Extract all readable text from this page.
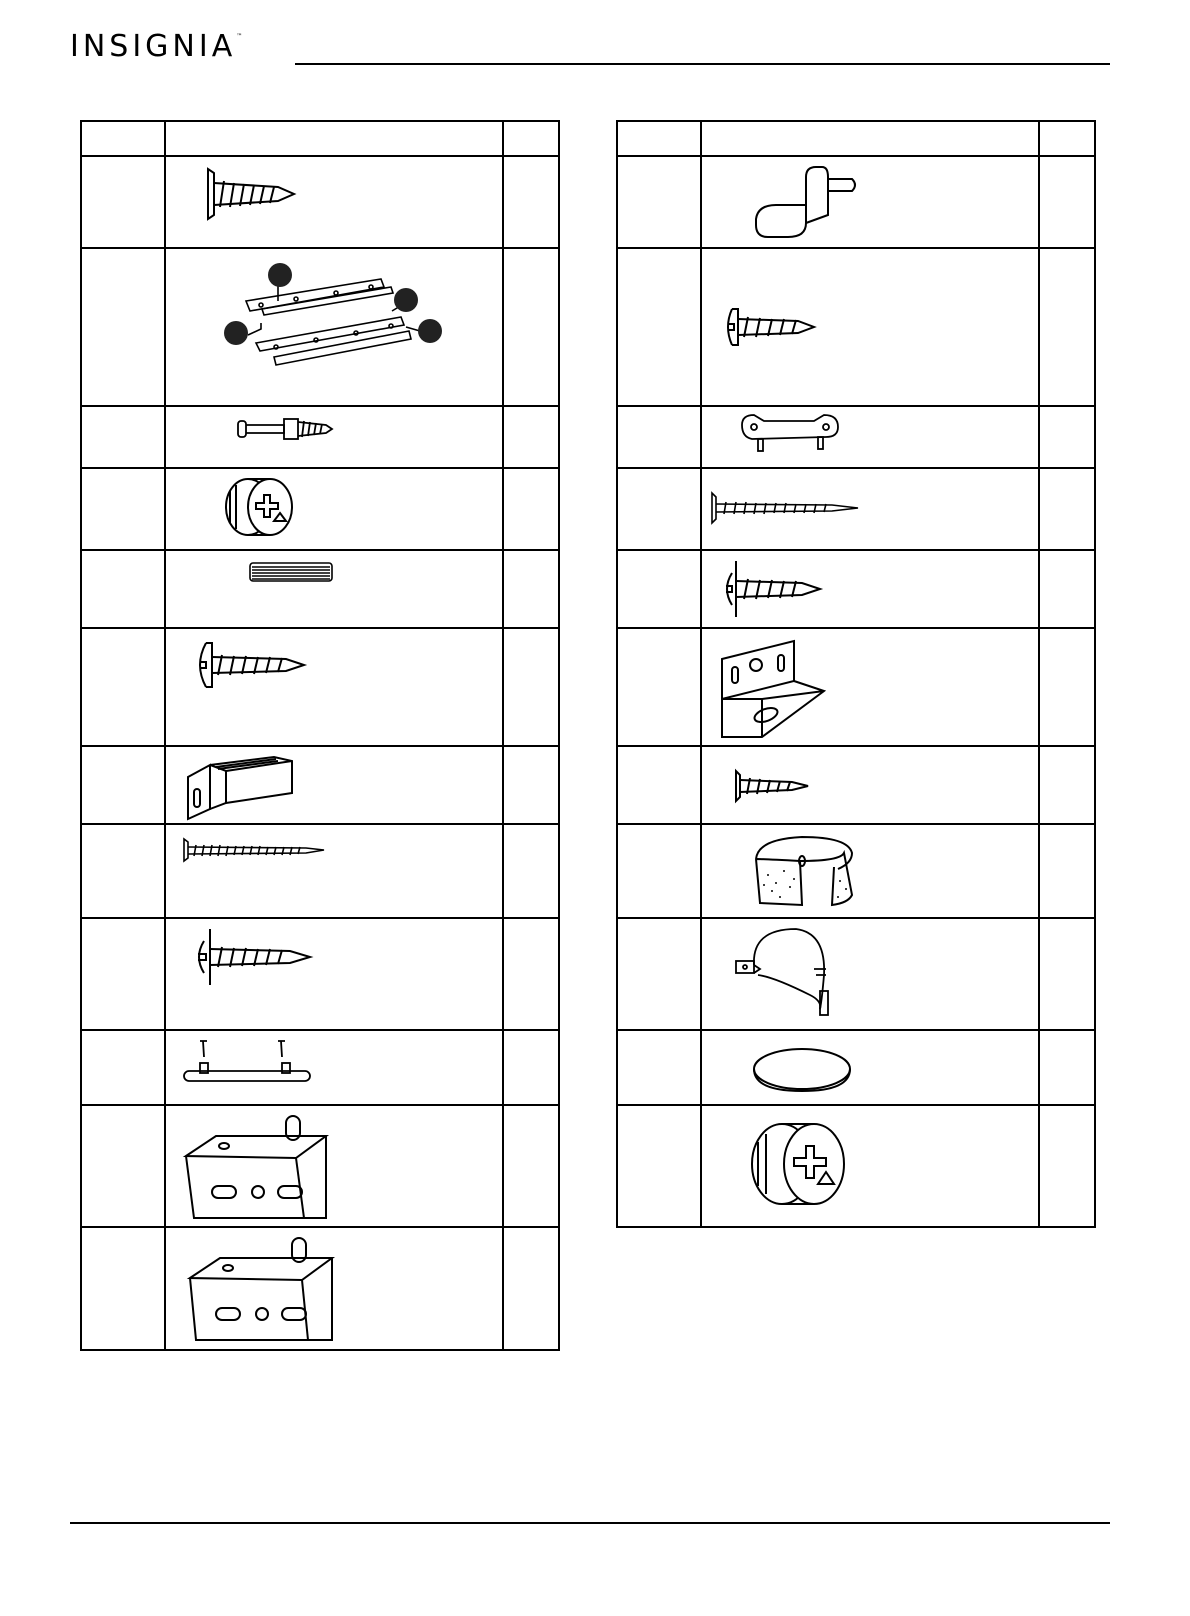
INSIGNIA™
